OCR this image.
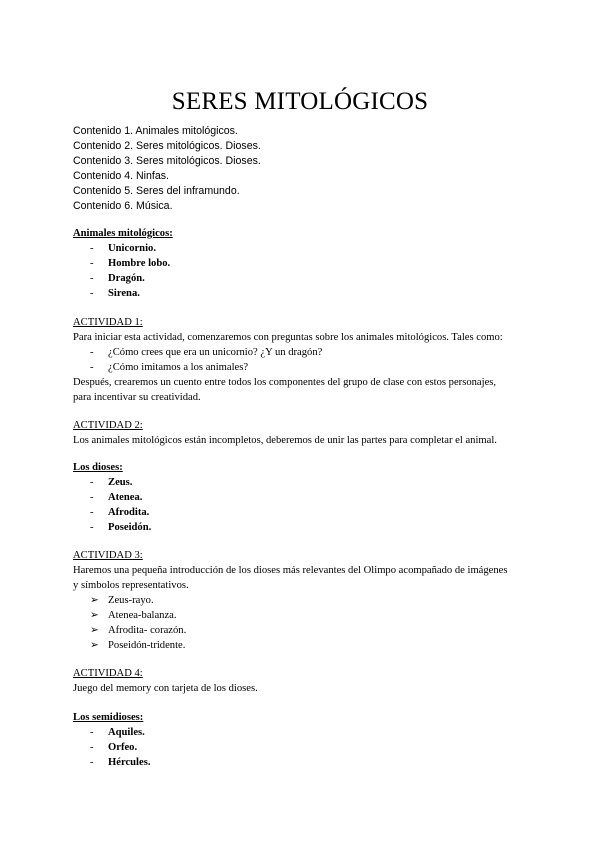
SERES MITOLÓGICOS
Contenido 1. Animales mitológicos.
Contenido 2. Seres mitológicos. Dioses.
Contenido 3. Seres mitológicos. Dioses.
Contenido 4. Ninfas.
Contenido 5. Seres del inframundo.
Contenido 6. Música.
Animales mitológicos:
-	Unicornio.
-	Hombre lobo.
-	Dragón.
-	Sirena.
ACTIVIDAD 1:
Para iniciar esta actividad, comenzaremos con preguntas sobre los animales mitológicos. Tales como:
-	¿Cómo crees que era un unicornio? ¿Y un dragón?
-	¿Cómo imitamos a los animales?
Después, crearemos un cuento entre todos los componentes del grupo de clase con estos personajes,
para incentivar su creatividad.
ACTIVIDAD 2:
Los animales mitológicos están incompletos, deberemos de unir las partes para completar el animal.
Los dioses:
-	Zeus.
-	Atenea.
-	Afrodita.
-	Poseidón.
ACTIVIDAD 3:
Haremos una pequeña introducción de los dioses más relevantes del Olimpo acompañado de imágenes
y símbolos representativos.
➢ Zeus-rayo.
➢ Atenea-balanza.
➢ Afrodita- corazón.
➢ Poseidón-tridente.
ACTIVIDAD 4:
Juego del memory con tarjeta de los dioses.
Los semidioses:
-	Aquiles.
-	Orfeo.
-	Hércules.
